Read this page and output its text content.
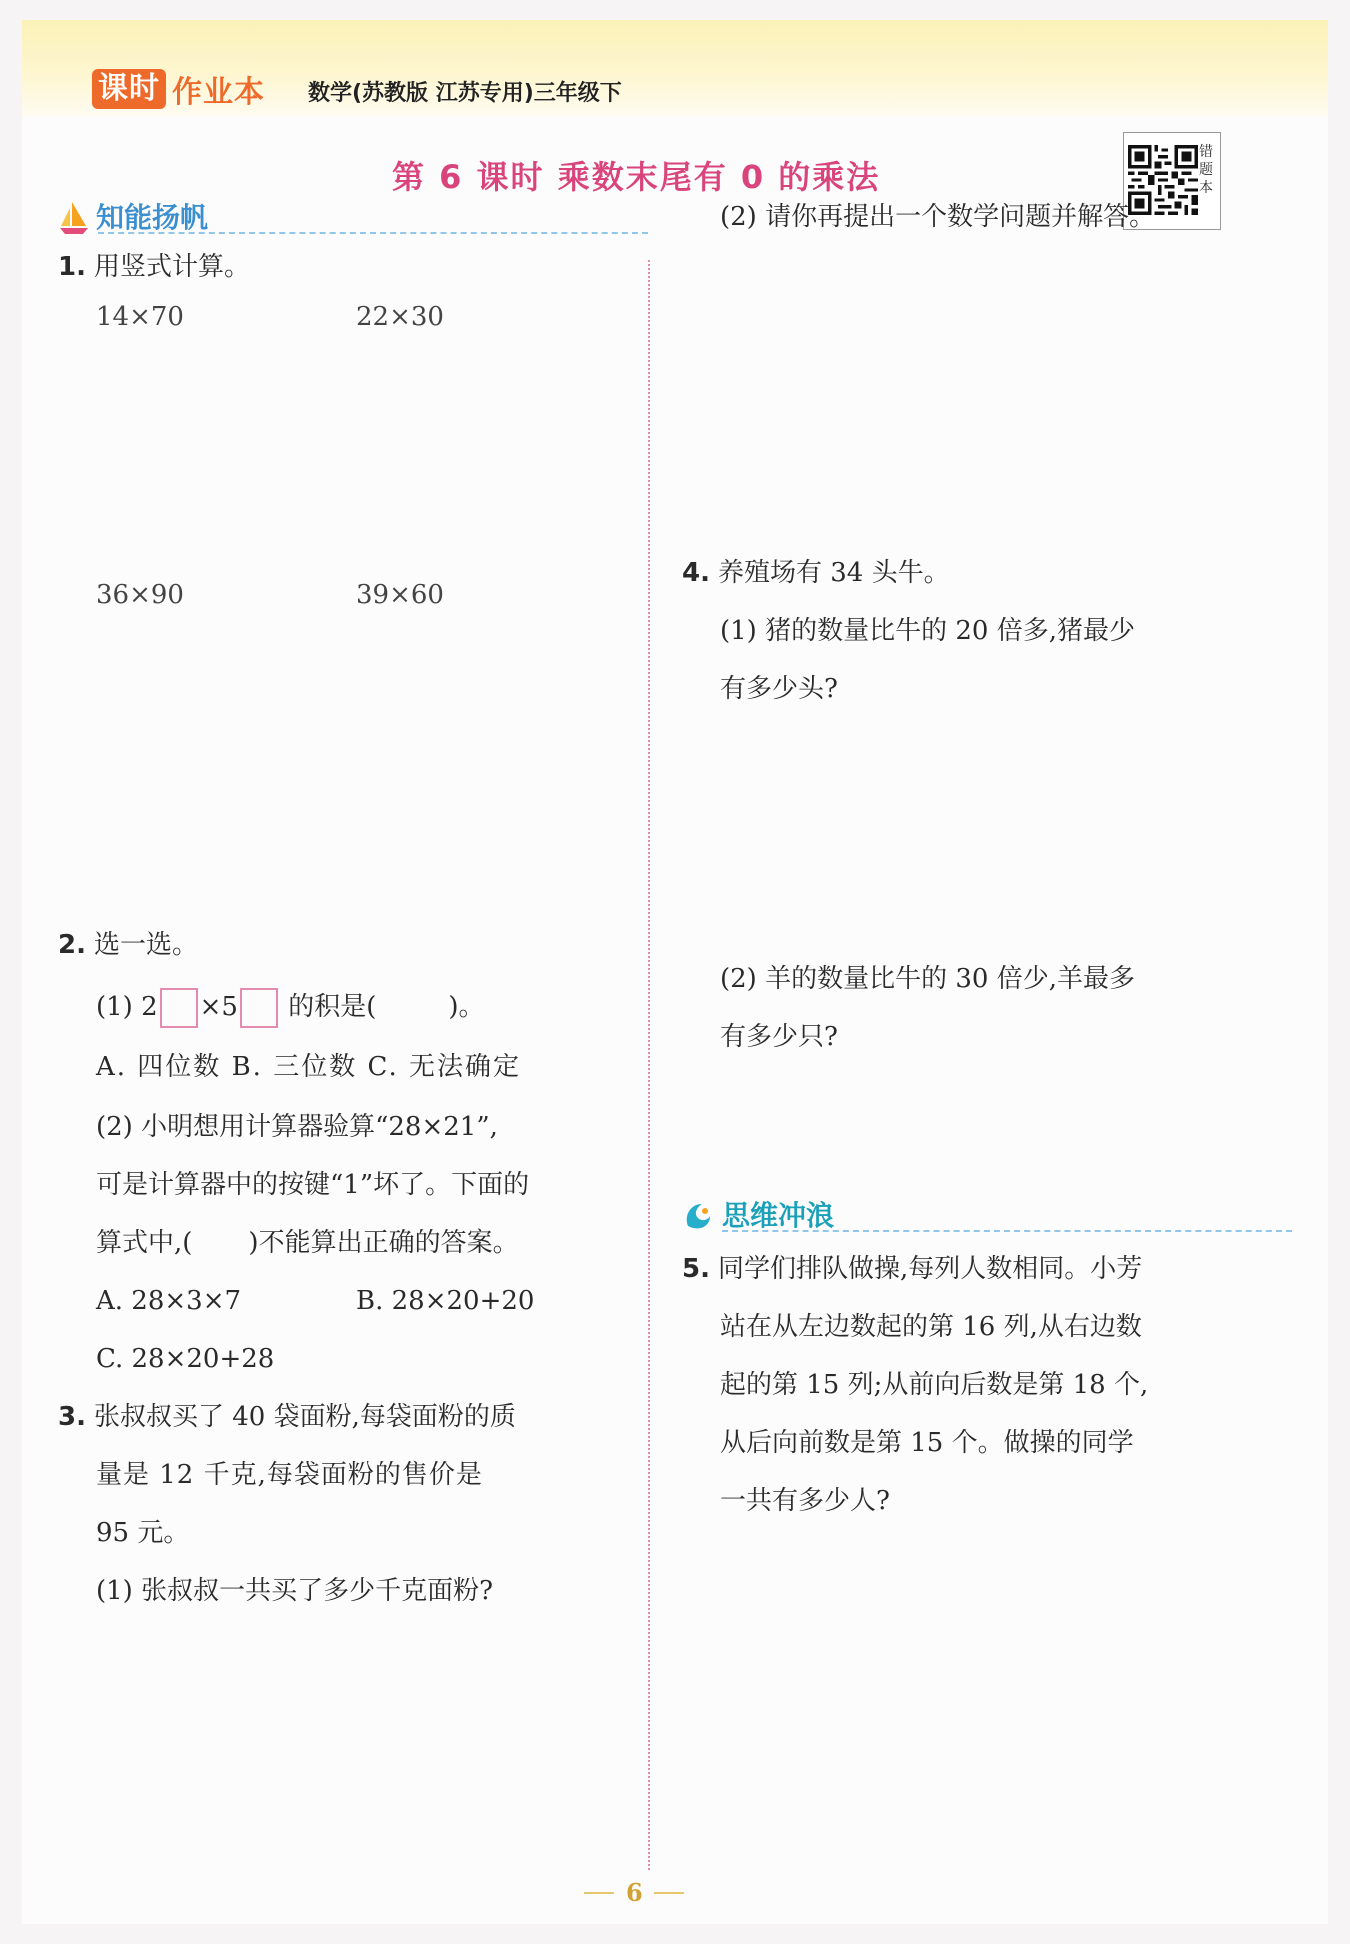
课时 作业本 数学(苏教版 江苏专用)三年级下
第 6 课时 乘数末尾有 0 的乘法
错
题
本
知能扬帆
1. 用竖式计算。
14×70	22×30
36×90	39×60
2. 选一选。
(1) 2 ×5 的积是(	)。
A. 四位数 B. 三位数 C. 无法确定
(2) 小明想用计算器验算“28×21”,
可是计算器中的按键“1”坏了。下面的
算式中,( )不能算出正确的答案。
A. 28×3×7	B. 28×20+20
C. 28×20+28
3. 张叔叔买了 40 袋面粉,每袋面粉的质
量是 12 千克,每袋面粉的售价是
95 元。
(1) 张叔叔一共买了多少千克面粉?
(2) 请你再提出一个数学问题并解答。
4. 养殖场有 34 头牛。
(1) 猪的数量比牛的 20 倍多,猪最少
有多少头?
(2) 羊的数量比牛的 30 倍少,羊最多
有多少只?
思维冲浪
5. 同学们排队做操,每列人数相同。小芳
站在从左边数起的第 16 列,从右边数
起的第 15 列;从前向后数是第 18 个,
从后向前数是第 15 个。做操的同学
一共有多少人?
6
